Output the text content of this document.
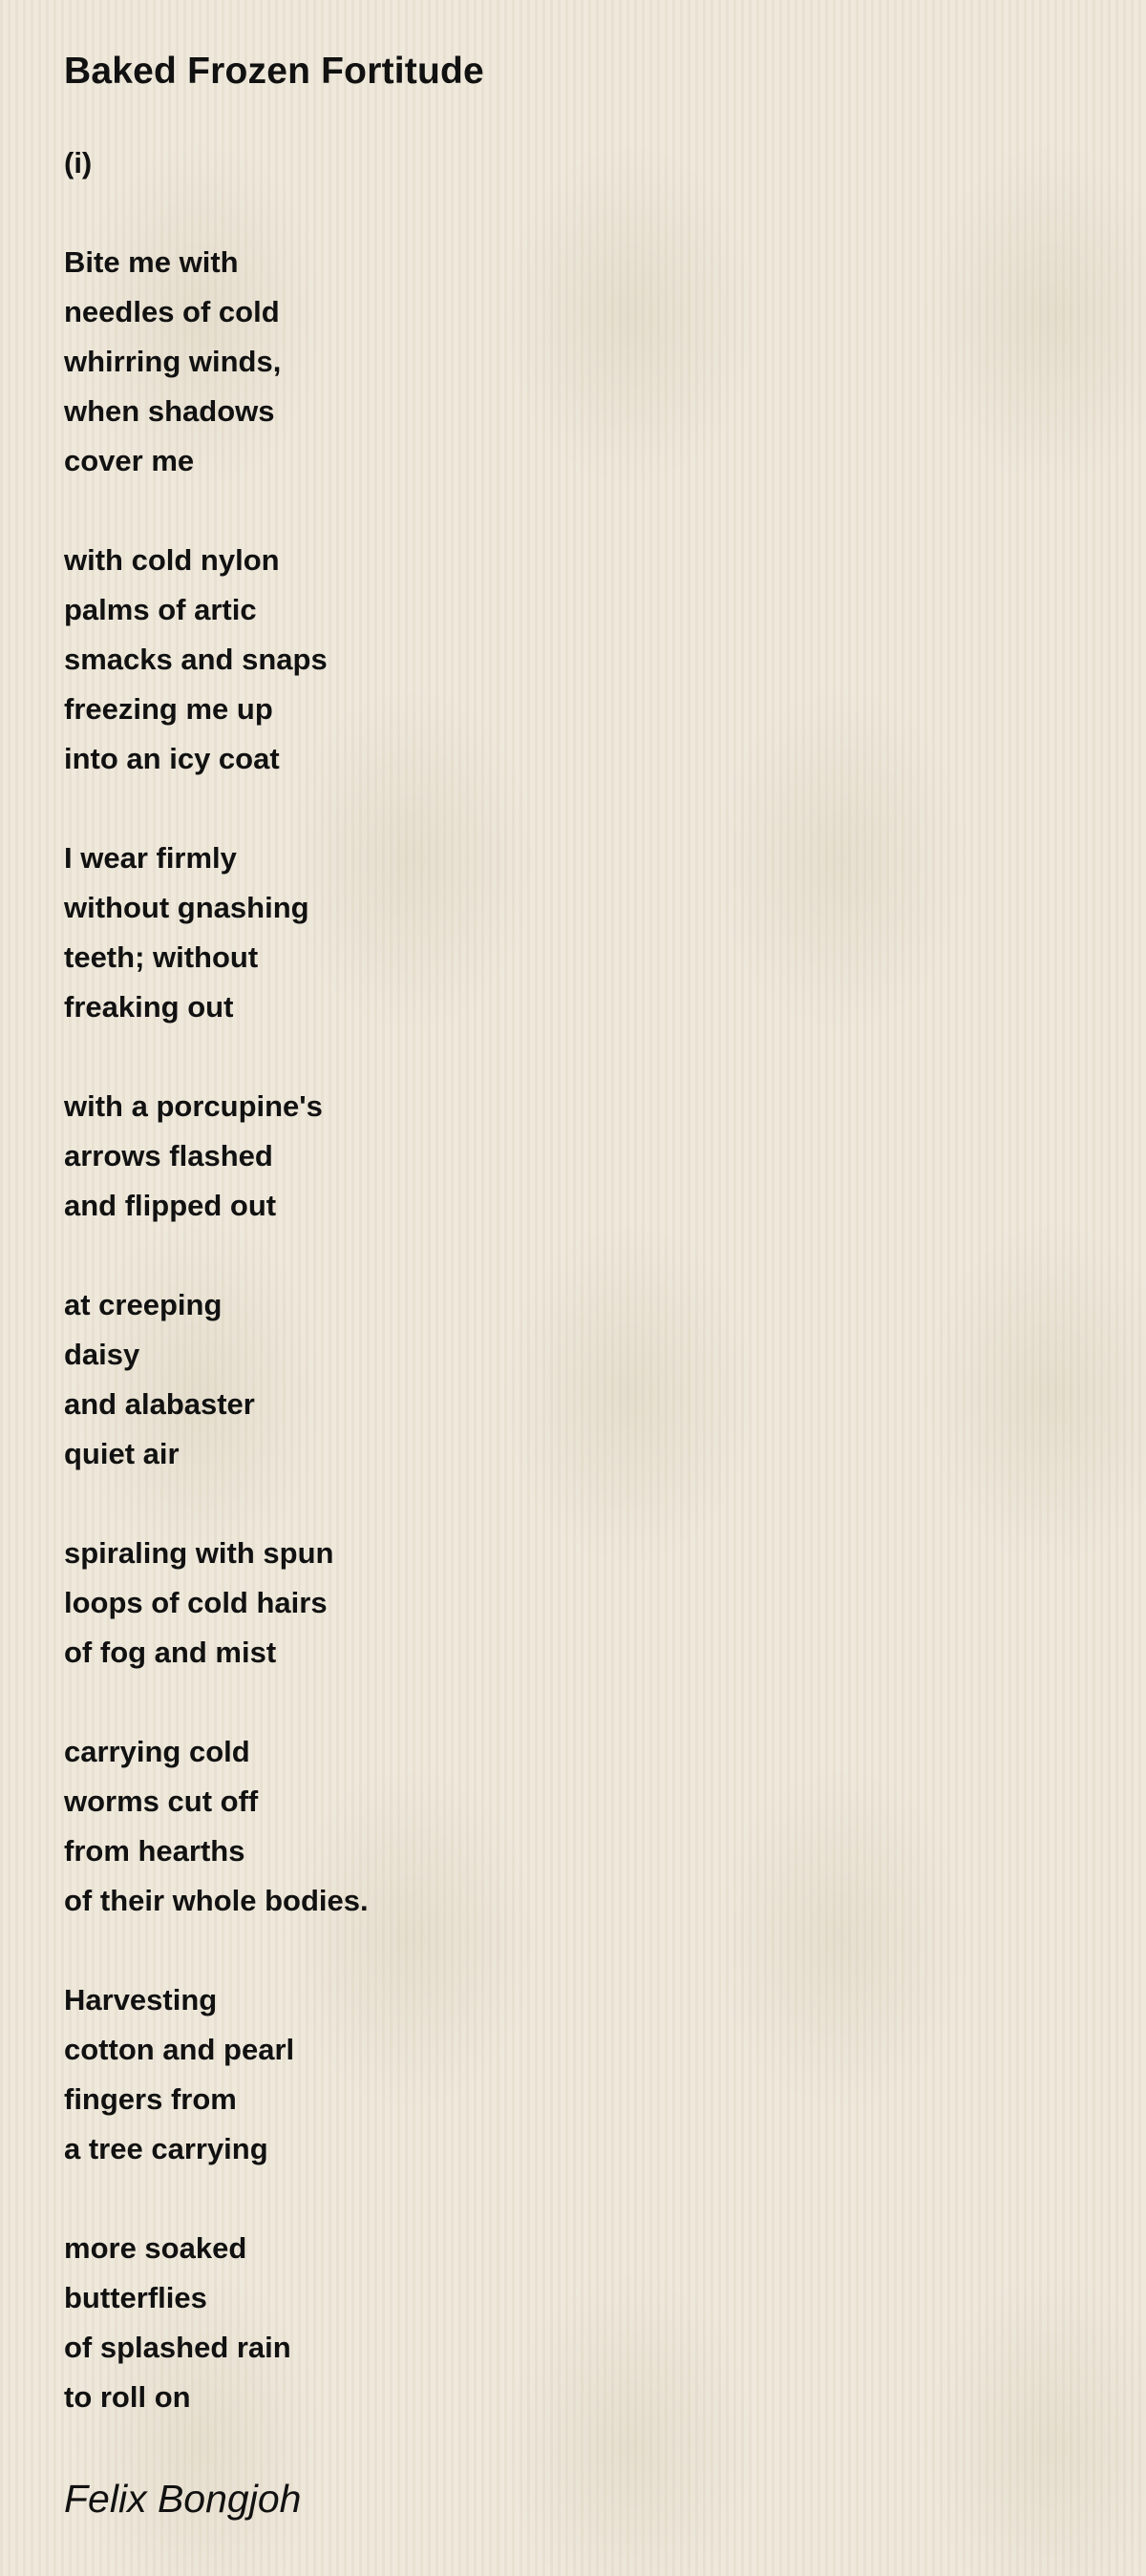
Baked Frozen Fortitude
(i)
Bite me with
needles of cold
whirring winds,
when shadows
cover me
with cold nylon
palms of artic
smacks and snaps
freezing me up
into an icy coat
I wear firmly
without gnashing
teeth; without
freaking out
with a porcupine's
arrows flashed
and flipped out
at creeping
daisy
and alabaster
quiet air
spiraling with spun
loops of cold hairs
of fog and mist
carrying cold
worms cut off
from hearths
of their whole bodies.
Harvesting
cotton and pearl
fingers from
a tree carrying
more soaked
butterflies
of splashed rain
to roll on
Felix Bongjoh
